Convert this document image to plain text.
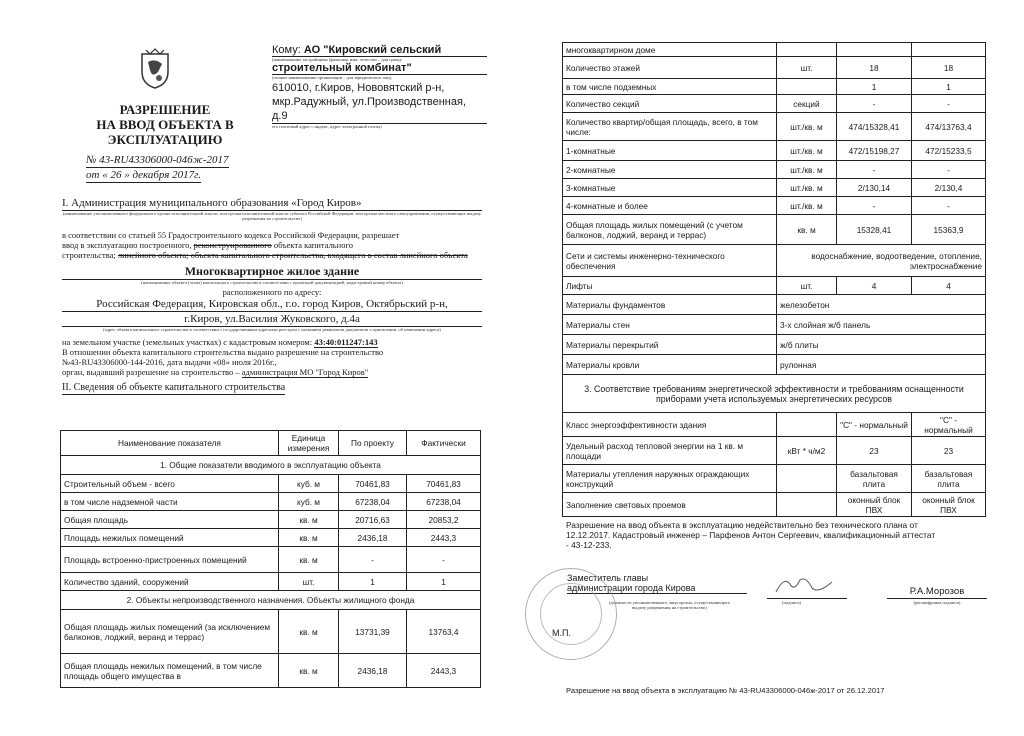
Кому: АО "Кировский сельский
(наименование застройщика (фамилия, имя, отчество – для гражд-
строительный комбинат"
(полное наименование организации – для юридических лиц),
610010, г.Киров, Нововятский р-н,
мкр.Радужный, ул.Производственная,
д.9
его почтовый адрес с индекс, адрес электронной почты)
РАЗРЕШЕНИЕ
НА ВВОД ОБЪЕКТА В
ЭКСПЛУАТАЦИЮ
№ 43-RU43306000-046ж-2017
от « 26 » декабря 2017г.
I. Администрация муниципального образования «Город Киров»
(наименование уполномоченного федерального органа исполнительной власти, или органа исполнительной власти субъекта Российской Федерации, или органа местного самоуправления, осуществляющих выдачу разрешения на строительство)
в соответствии со статьей 55 Градостроительного кодекса Российской Федерации, разрешает
ввод в эксплуатацию построенного, реконструированного объекта капитального
строительства; линейного объекта; объекта капитального строительства, входящего в состав линейного объекта
Многоквартирное жилое здание
(наименование объекта (этапа) капитального строительства в соответствии с проектной документацией, кадастровый номер объекта)
расположенного по адресу:
Российская Федерация, Кировская обл., г.о. город Киров, Октябрьский р-н,
г.Киров, ул.Василия Жуковского, д.4а
(адрес объекта капитального строительства в соответствии с государственным адресным реестром с указанием реквизитов документов о присвоении, об изменении адреса)
на земельном участке (земельных участках) с кадастровым номером: 43:40:011247:143
В отношении объекта капитального строительства выдано разрешение на строительство
№43-RU43306000-144-2016, дата выдачи «08» июля 2016г.,
орган, выдавший разрешение на строительство – администрация МО "Город Киров"
II. Сведения об объекте капитального строительства
Наименование показателя	Единица измерения	По проекту	Фактически
1. Общие показатели вводимого в эксплуатацию объекта			
Строительный объем - всего	куб. м	70461,83	70461,83
в том числе надземной части	куб. м	67238,04	67238,04
Общая площадь	кв. м	20716,63	20853,2
Площадь нежилых помещений	кв. м	2436,18	2443,3
Площадь встроенно-пристроенных помещений	кв. м	-	-
Количество зданий, сооружений	шт.	1	1
2. Объекты непроизводственного назначения. Объекты жилищного фонда			
Общая площадь жилых помещений (за исключением балконов, лоджий, веранд и террас)	кв. м	13731,39	13763,4
Общая площадь нежилых помещений, в том числе площадь общего имущества в	кв. м	2436,18	2443,3
многоквартирном доме			
Количество этажей	шт.	18	18
в том числе подземных		1	1
Количество секций	секций	-	-
Количество квартир/общая площадь, всего, в том числе:	шт./кв. м	474/15328,41	474/13763,4
1-комнатные	шт./кв. м	472/15198,27	472/15233,5
2-комнатные	шт./кв. м	-	-
3-комнатные	шт./кв. м	2/130,14	2/130,4
4-комнатные и более	шт./кв. м	-	-
Общая площадь жилых помещений (с учетом балконов, лоджий, веранд и террас)	кв. м	15328,41	15363,9
Сети и системы инженерно-технического обеспечения	водоснабжение, водоотведение, отопление, электроснабжение		
Лифты	шт.	4	4
Материалы фундаментов	железобетон		
Материалы стен	3-х слойная ж/б панель		
Материалы перекрытий	ж/б плиты		
Материалы кровли	рулонная		
3. Соответствие требованиям энергетической эффективности и требованиям оснащенности приборами учета используемых энергетических ресурсов			
Класс энергоэффективности здания		"С" - нормальный	"С" - нормальный
Удельный расход тепловой энергии на 1 кв. м площади	кВт * ч/м2	23	23
Материалы утепления наружных ограждающих конструкций		базальтовая плита	базальтовая плита
Заполнение световых проемов		оконный блок ПВХ	оконный блок ПВХ
Разрешение на ввод объекта в эксплуатацию недействительно без технического плана от
12.12.2017. Кадастровый инженер – Парфенов Антон Сергеевич, квалификационный аттестат
- 43-12-233.
Заместитель главы
администрации города Кирова
(должность уполномоченного лица органа, осуществляющего выдачу разрешения на строительство)
(подпись)
Р.А.Морозов
(расшифровка подписи)
М.П.
Разрешение на ввод объекта в эксплуатацию № 43-RU43306000-046ж-2017 от 26.12.2017
